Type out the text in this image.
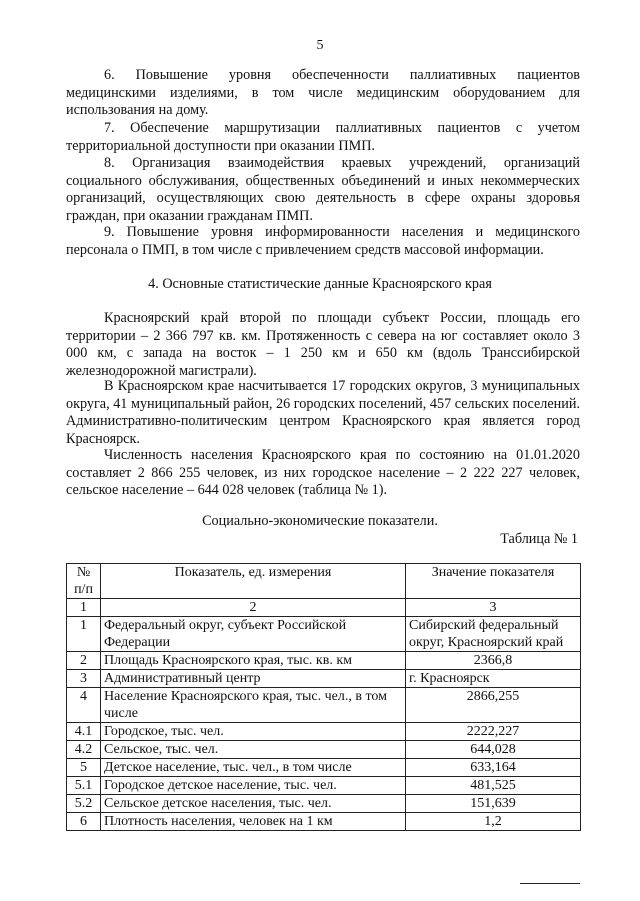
5

6. Повышение уровня обеспеченности паллиативных пациентов медицинскими изделиями, в том числе медицинским оборудованием для использования на дому.

7. Обеспечение маршрутизации паллиативных пациентов с учетом территориальной доступности при оказании ПМП.

8. Организация взаимодействия краевых учреждений, организаций социального обслуживания, общественных объединений и иных некоммерческих организаций, осуществляющих свою деятельность в сфере охраны здоровья граждан, при оказании гражданам ПМП.

9. Повышение уровня информированности населения и медицинского персонала о ПМП, в том числе с привлечением средств массовой информации.

4. Основные статистические данные Красноярского края

Красноярский край второй по площади субъект России, площадь его территории – 2 366 797 кв. км. Протяженность с севера на юг составляет около 3 000 км, с запада на восток – 1 250 км и 650 км (вдоль Транссибирской железнодорожной магистрали).

В Красноярском крае насчитывается 17 городских округов, 3 муниципальных округа, 41 муниципальный район, 26 городских поселений, 457 сельских поселений. Административно-политическим центром Красноярского края является город Красноярск.

Численность населения Красноярского края по состоянию на 01.01.2020 составляет 2 866 255 человек, из них городское население – 2 222 227 человек, сельское население – 644 028 человек (таблица № 1).

Социально-экономические показатели.

Таблица № 1

№ п/п	Показатель, ед. измерения	Значение показателя
1	2	3
1	Федеральный округ, субъект Российской Федерации	Сибирский федеральный округ, Красноярский край
2	Площадь Красноярского края, тыс. кв. км	2366,8
3	Административный центр	г. Красноярск
4	Население Красноярского края, тыс. чел., в том числе	2866,255
4.1	Городское, тыс. чел.	2222,227
4.2	Сельское, тыс. чел.	644,028
5	Детское население, тыс. чел., в том числе	633,164
5.1	Городское детское население, тыс. чел.	481,525
5.2	Сельское детское населения, тыс. чел.	151,639
6	Плотность населения, человек на 1 км	1,2
